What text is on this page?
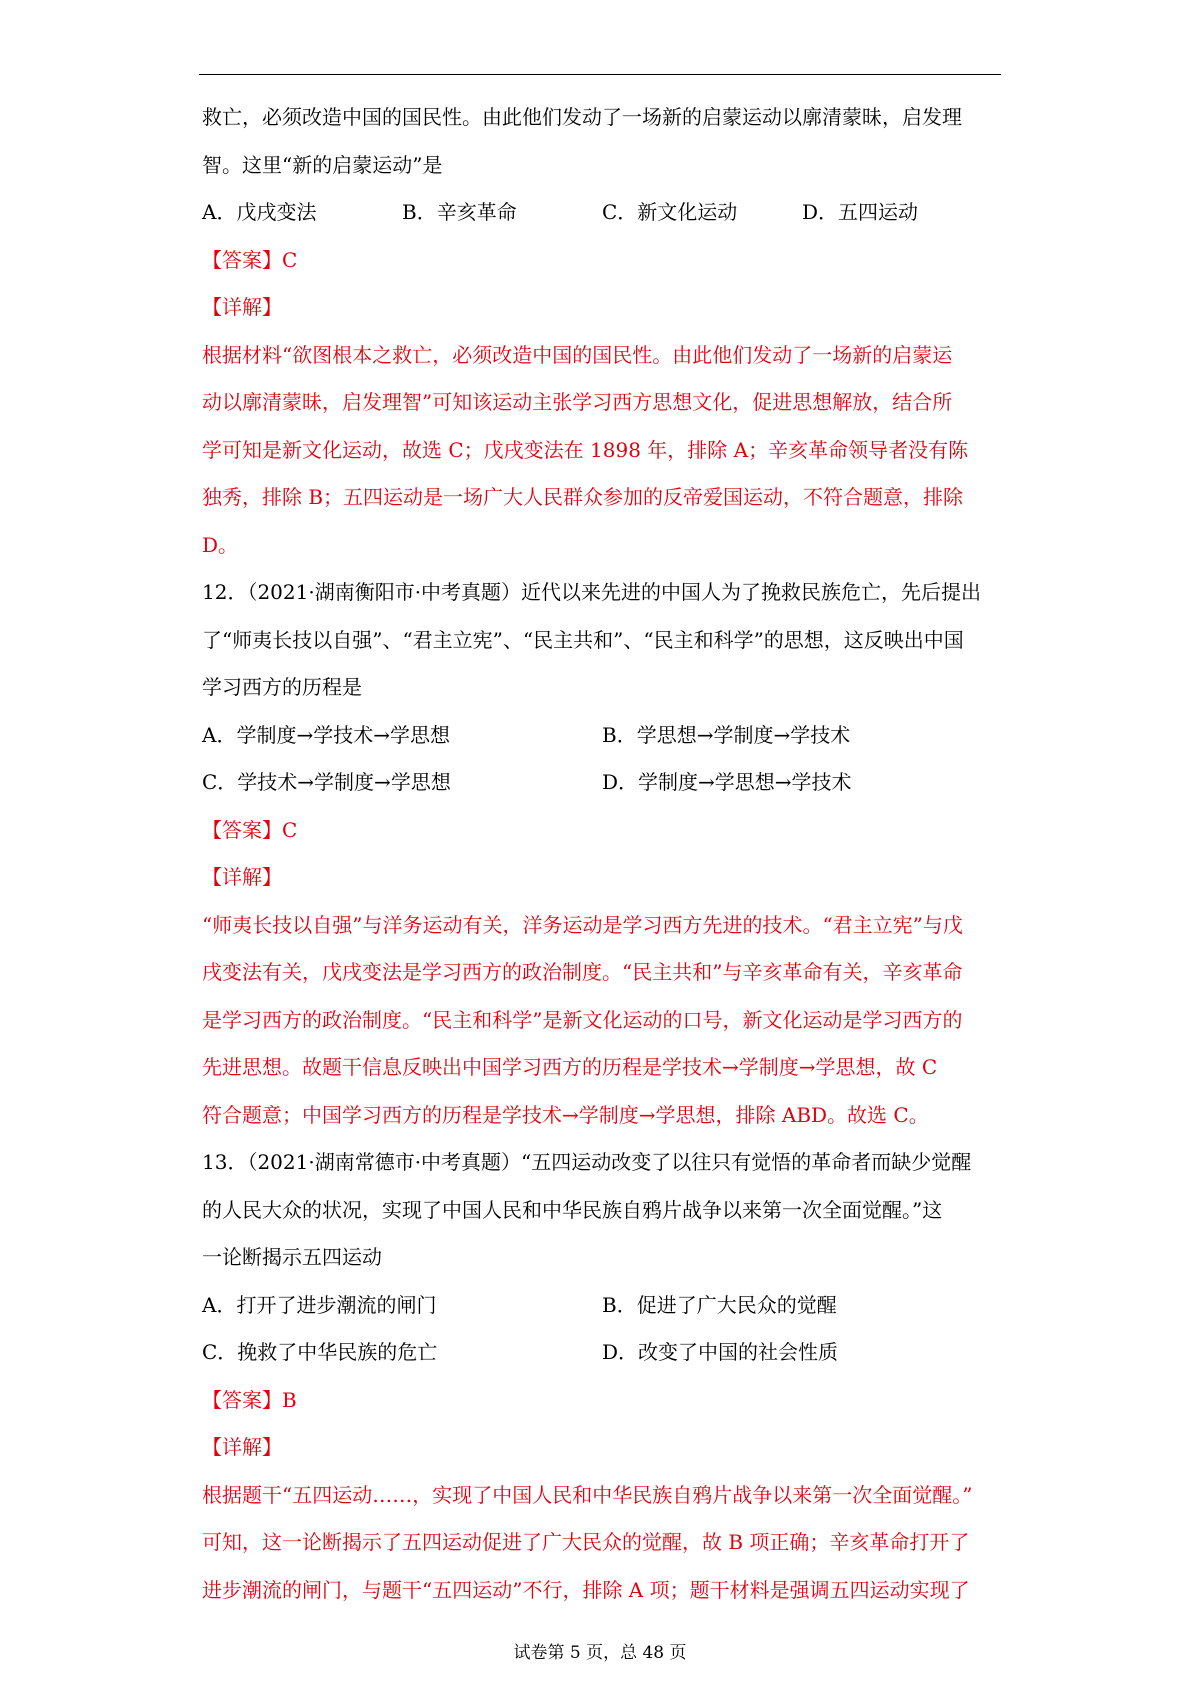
救亡，必须改造中国的国民性。由此他们发动了一场新的启蒙运动以廓清蒙昧，启发理
智。这里“新的启蒙运动”是
A．戊戌变法	B．辛亥革命	C．新文化运动	D．五四运动
【答案】C
【详解】
根据材料“欲图根本之救亡，必须改造中国的国民性。由此他们发动了一场新的启蒙运
动以廓清蒙昧，启发理智”可知该运动主张学习西方思想文化，促进思想解放，结合所
学可知是新文化运动，故选 C；戊戌变法在 1898 年，排除 A；辛亥革命领导者没有陈
独秀，排除 B；五四运动是一场广大人民群众参加的反帝爱国运动，不符合题意，排除
D。
12．（2021·湖南衡阳市·中考真题）近代以来先进的中国人为了挽救民族危亡，先后提出
了“师夷长技以自强”、“君主立宪”、“民主共和”、“民主和科学”的思想，这反映出中国
学习西方的历程是
A．学制度→学技术→学思想	B．学思想→学制度→学技术
C．学技术→学制度→学思想	D．学制度→学思想→学技术
【答案】C
【详解】
“师夷长技以自强”与洋务运动有关，洋务运动是学习西方先进的技术。“君主立宪”与戊
戌变法有关，戊戌变法是学习西方的政治制度。“民主共和”与辛亥革命有关，辛亥革命
是学习西方的政治制度。“民主和科学”是新文化运动的口号，新文化运动是学习西方的
先进思想。故题干信息反映出中国学习西方的历程是学技术→学制度→学思想，故 C
符合题意；中国学习西方的历程是学技术→学制度→学思想，排除 ABD。故选 C。
13．（2021·湖南常德市·中考真题）“五四运动改变了以往只有觉悟的革命者而缺少觉醒
的人民大众的状况，实现了中国人民和中华民族自鸦片战争以来第一次全面觉醒。”这
一论断揭示五四运动
A．打开了进步潮流的闸门	B．促进了广大民众的觉醒
C．挽救了中华民族的危亡	D．改变了中国的社会性质
【答案】B
【详解】
根据题干“五四运动……，实现了中国人民和中华民族自鸦片战争以来第一次全面觉醒。”
可知，这一论断揭示了五四运动促进了广大民众的觉醒，故 B 项正确；辛亥革命打开了
进步潮流的闸门，与题干“五四运动”不行，排除 A 项；题干材料是强调五四运动实现了
试卷第 5 页，总 48 页
